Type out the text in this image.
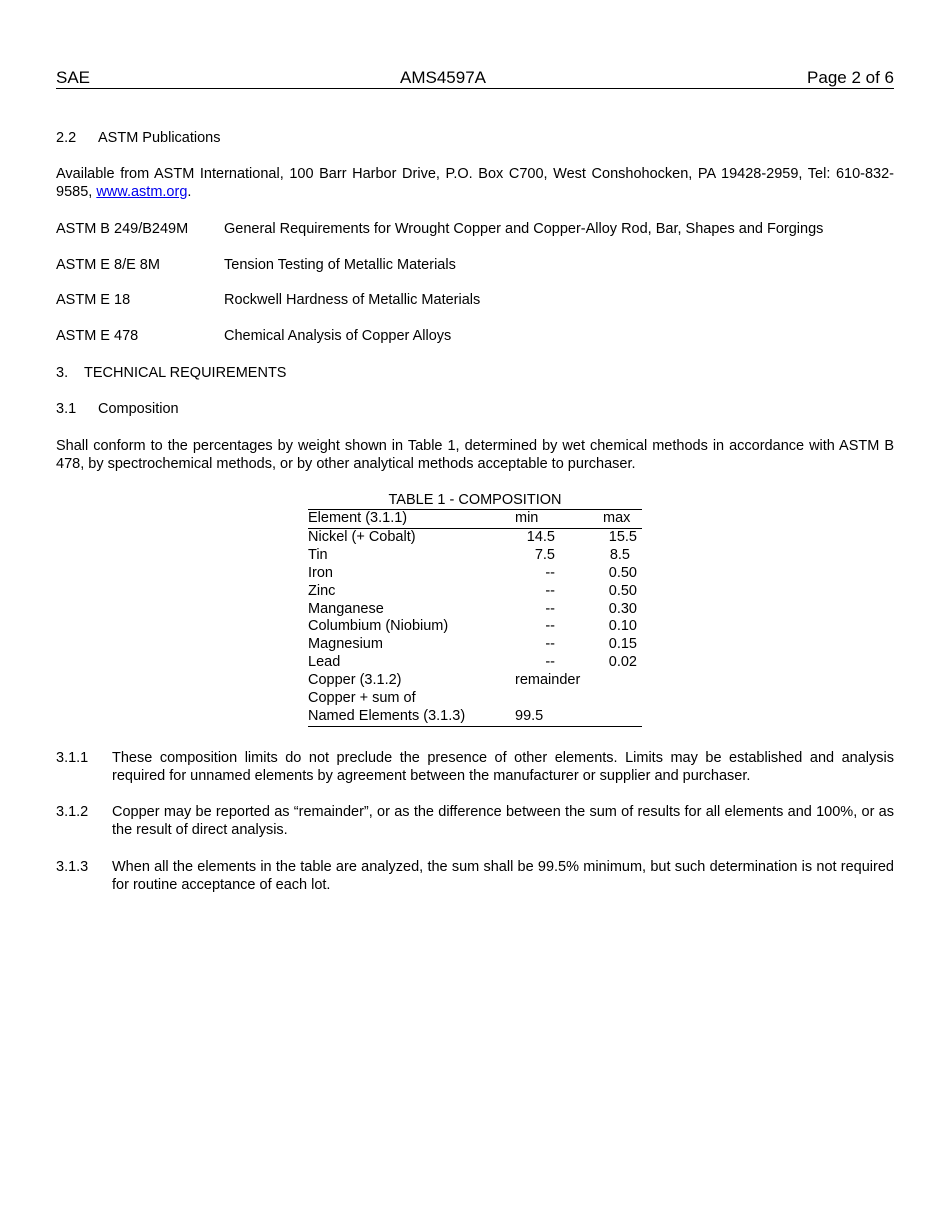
SAE	AMS4597A	Page 2 of 6
2.2 ASTM Publications
Available from ASTM International, 100 Barr Harbor Drive, P.O. Box C700, West Conshohocken, PA 19428-2959, Tel: 610-832-9585, www.astm.org.
ASTM B 249/B249M General Requirements for Wrought Copper and Copper-Alloy Rod, Bar, Shapes and Forgings
ASTM E 8/E 8M	Tension Testing of Metallic Materials
ASTM E 18	Rockwell Hardness of Metallic Materials
ASTM E 478	Chemical Analysis of Copper Alloys
3. TECHNICAL REQUIREMENTS
3.1 Composition
Shall conform to the percentages by weight shown in Table 1, determined by wet chemical methods in accordance with ASTM B 478, by spectrochemical methods, or by other analytical methods acceptable to purchaser.
TABLE 1 - COMPOSITION
Element (3.1.1)	min	max
Nickel (+ Cobalt)	14.5	15.5
Tin	7.5	8.5
Iron	--	0.50
Zinc	--	0.50
Manganese	--	0.30
Columbium (Niobium)	--	0.10
Magnesium	--	0.15
Lead	--	0.02
Copper (3.1.2)	remainder	

Copper + sum of
Named Elements (3.1.3)	99.5	
3.1.1 These composition limits do not preclude the presence of other elements. Limits may be established and analysis required for unnamed elements by agreement between the manufacturer or supplier and purchaser.
3.1.2 Copper may be reported as “remainder”, or as the difference between the sum of results for all elements and 100%, or as the result of direct analysis.
3.1.3 When all the elements in the table are analyzed, the sum shall be 99.5% minimum, but such determination is not required for routine acceptance of each lot.
